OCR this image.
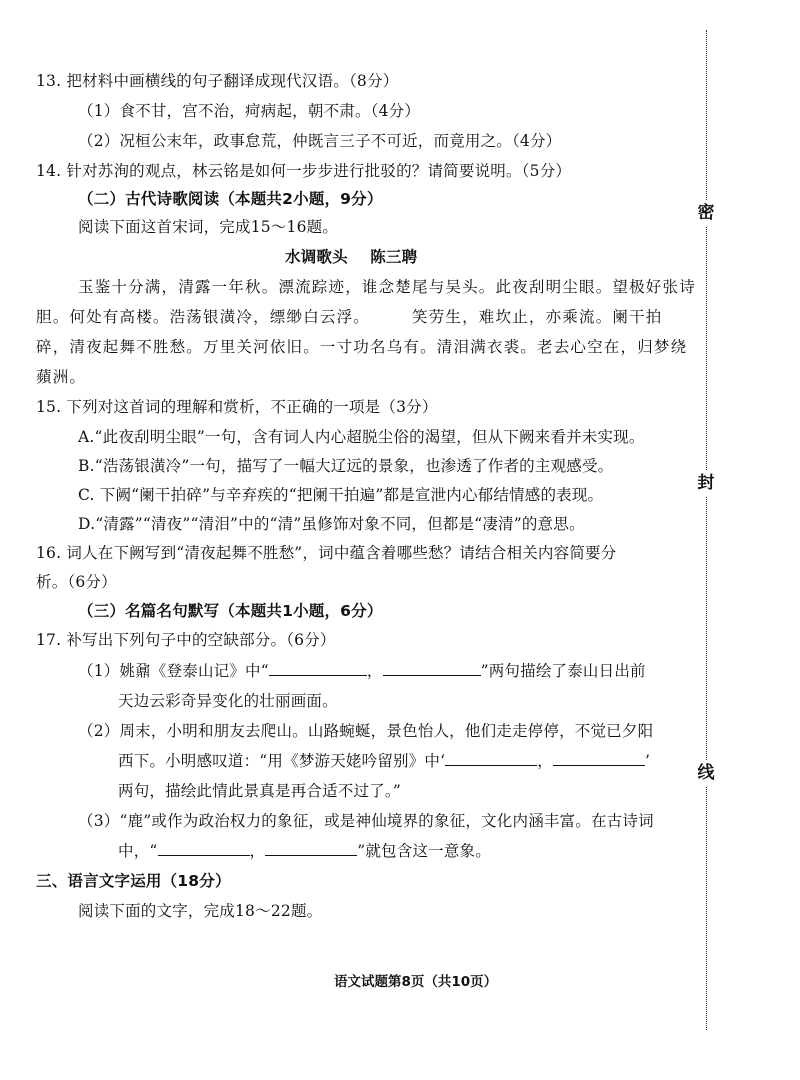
13. 把材料中画横线的句子翻译成现代汉语。（8分）
（1）食不甘，宫不治，疴病起，朝不肃。（4分）
（2）况桓公末年，政事怠荒，仲既言三子不可近，而竟用之。（4分）
14. 针对苏洵的观点，林云铭是如何一步步进行批驳的？请简要说明。（5分）
（二）古代诗歌阅读（本题共2小题，9分）
阅读下面这首宋词，完成15～16题。
水调歌头 陈三聘
玉鉴十分满，清露一年秋。漂流踪迹，谁念楚尾与吴头。此夜刮明尘眼。望极好张诗
胆。何处有高楼。浩荡银潢冷，缥缈白云浮。	笑劳生，难坎止，亦乘流。阑干拍
碎，清夜起舞不胜愁。万里关河依旧。一寸功名乌有。清泪满衣裘。老去心空在，归梦绕
蘋洲。
15. 下列对这首词的理解和赏析，不正确的一项是（3分）
A.“此夜刮明尘眼”一句，含有词人内心超脱尘俗的渴望，但从下阙来看并未实现。
B.“浩荡银潢冷”一句，描写了一幅大辽远的景象，也渗透了作者的主观感受。
C. 下阙“阑干拍碎”与辛弃疾的“把阑干拍遍”都是宣泄内心郁结情感的表现。
D.“清露”“清夜”“清泪”中的“清”虽修饰对象不同，但都是“凄清”的意思。
16. 词人在下阙写到“清夜起舞不胜愁”，词中蕴含着哪些愁？请结合相关内容简要分
析。（6分）
（三）名篇名句默写（本题共1小题，6分）
17. 补写出下列句子中的空缺部分。（6分）
（1）姚鼐《登泰山记》中“	，	”两句描绘了泰山日出前
天边云彩奇异变化的壮丽画面。
（2）周末，小明和朋友去爬山。山路蜿蜒，景色怡人，他们走走停停，不觉已夕阳
西下。小明感叹道：“用《梦游天姥吟留别》中‘	，	’
两句，描绘此情此景真是再合适不过了。”
（3）“鹿”或作为政治权力的象征，或是神仙境界的象征，文化内涵丰富。在古诗词
中，“	，	”就包含这一意象。
三、语言文字运用（18分）
阅读下面的文字，完成18～22题。
语文试题第8页（共10页）
密
封
线
